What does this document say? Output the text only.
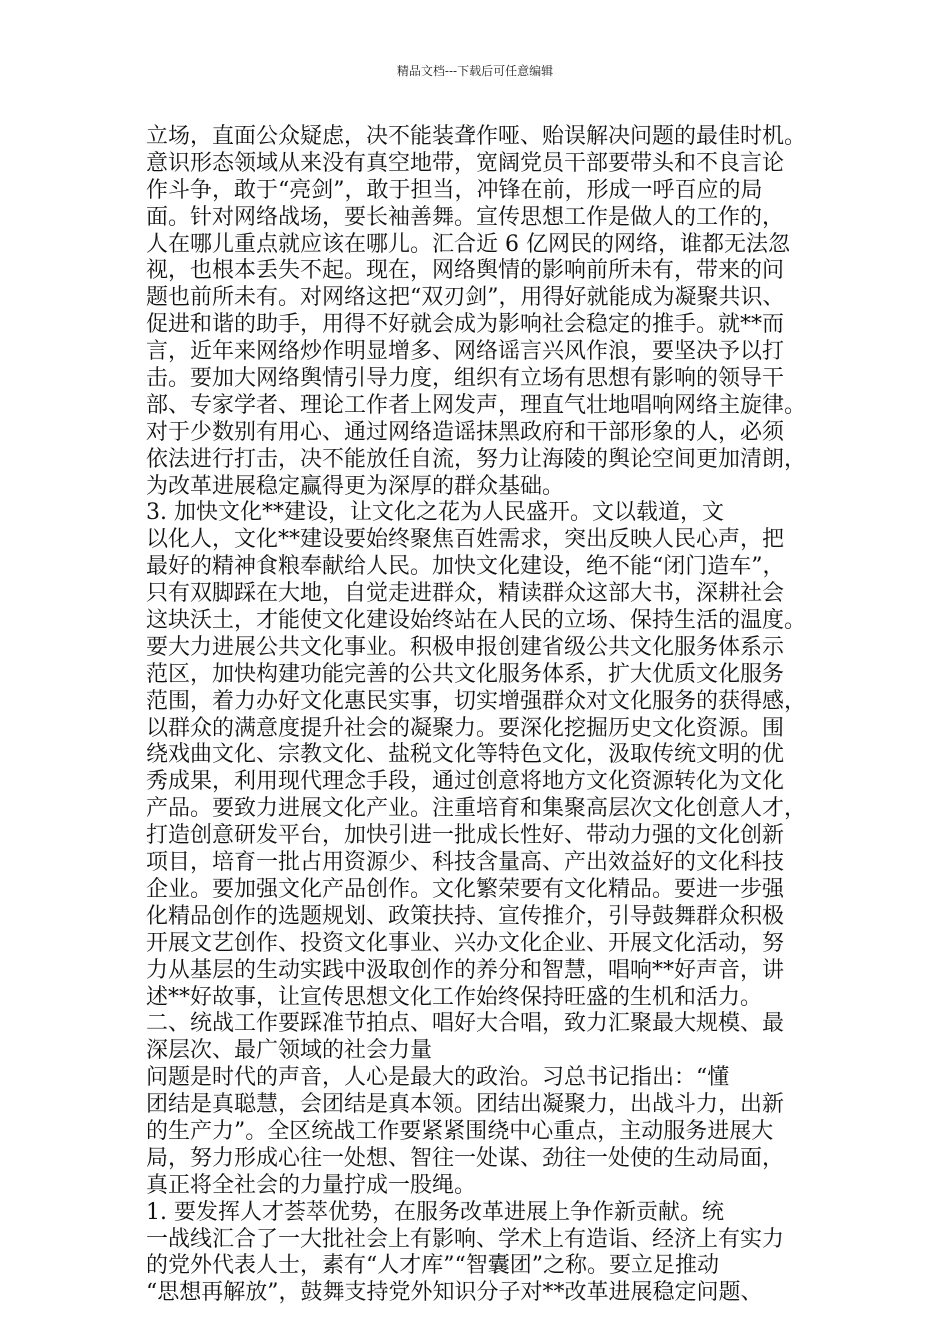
精品文档---下载后可任意编辑
立场，直面公众疑虑，决不能装聋作哑、贻误解决问题的最佳时机。
意识形态领域从来没有真空地带，宽阔党员干部要带头和不良言论
作斗争，敢于“亮剑”，敢于担当，冲锋在前，形成一呼百应的局
面。针对网络战场，要长袖善舞。宣传思想工作是做人的工作的，
人在哪儿重点就应该在哪儿。汇合近 6 亿网民的网络，谁都无法忽
视，也根本丢失不起。现在，网络舆情的影响前所未有，带来的问
题也前所未有。对网络这把“双刃剑”，用得好就能成为凝聚共识、
促进和谐的助手，用得不好就会成为影响社会稳定的推手。就**而
言，近年来网络炒作明显增多、网络谣言兴风作浪，要坚决予以打
击。要加大网络舆情引导力度，组织有立场有思想有影响的领导干
部、专家学者、理论工作者上网发声，理直气壮地唱响网络主旋律。
对于少数别有用心、通过网络造谣抹黑政府和干部形象的人，必须
依法进行打击，决不能放任自流，努力让海陵的舆论空间更加清朗，
为改革进展稳定赢得更为深厚的群众基础。
3. 加快文化**建设，让文化之花为人民盛开。文以载道，文
以化人，文化**建设要始终聚焦百姓需求，突出反映人民心声，把
最好的精神食粮奉献给人民。加快文化建设，绝不能“闭门造车”，
只有双脚踩在大地，自觉走进群众，精读群众这部大书，深耕社会
这块沃土，才能使文化建设始终站在人民的立场、保持生活的温度。
要大力进展公共文化事业。积极申报创建省级公共文化服务体系示
范区，加快构建功能完善的公共文化服务体系，扩大优质文化服务
范围，着力办好文化惠民实事，切实增强群众对文化服务的获得感，
以群众的满意度提升社会的凝聚力。要深化挖掘历史文化资源。围
绕戏曲文化、宗教文化、盐税文化等特色文化，汲取传统文明的优
秀成果，利用现代理念手段，通过创意将地方文化资源转化为文化
产品。要致力进展文化产业。注重培育和集聚高层次文化创意人才，
打造创意研发平台，加快引进一批成长性好、带动力强的文化创新
项目，培育一批占用资源少、科技含量高、产出效益好的文化科技
企业。要加强文化产品创作。文化繁荣要有文化精品。要进一步强
化精品创作的选题规划、政策扶持、宣传推介，引导鼓舞群众积极
开展文艺创作、投资文化事业、兴办文化企业、开展文化活动，努
力从基层的生动实践中汲取创作的养分和智慧，唱响**好声音，讲
述**好故事，让宣传思想文化工作始终保持旺盛的生机和活力。
二、统战工作要踩准节拍点、唱好大合唱，致力汇聚最大规模、最
深层次、最广领域的社会力量
问题是时代的声音，人心是最大的政治。习总书记指出：“懂
团结是真聪慧，会团结是真本领。团结出凝聚力，出战斗力，出新
的生产力”。全区统战工作要紧紧围绕中心重点，主动服务进展大
局，努力形成心往一处想、智往一处谋、劲往一处使的生动局面，
真正将全社会的力量拧成一股绳。
1. 要发挥人才荟萃优势，在服务改革进展上争作新贡献。统
一战线汇合了一大批社会上有影响、学术上有造诣、经济上有实力
的党外代表人士，素有“人才库”“智囊团”之称。要立足推动
“思想再解放”，鼓舞支持党外知识分子对**改革进展稳定问题、
